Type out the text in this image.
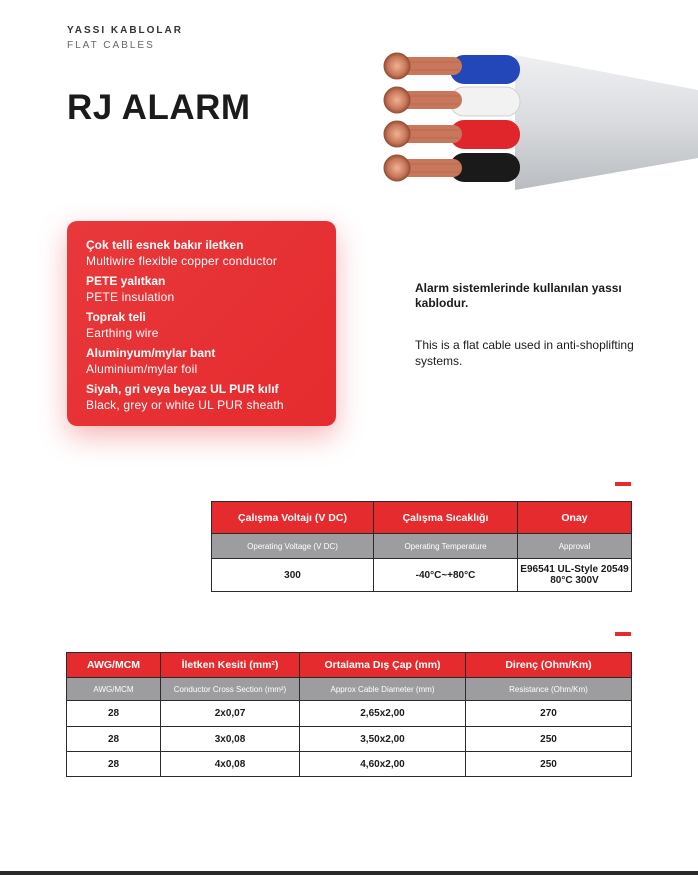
YASSI KABLOLAR
FLAT CABLES
RJ ALARM
Çok telli esnek bakır iletken
Multiwire flexible copper conductor
PETE yalıtkan
PETE insulation
Toprak teli
Earthing wire
Aluminyum/mylar bant
Aluminium/mylar foil
Siyah, gri veya beyaz UL PUR kılıf
Black, grey or white UL PUR sheath
Alarm sistemlerinde kullanılan yassı kablodur.
This is a flat cable used in anti-shoplifting systems.
Çalışma Voltajı (V DC)	Çalışma Sıcaklığı	Onay
Operating Voltage (V DC)	Operating Temperature	Approval
300	-40°C~+80°C	E96541 UL-Style 20549
80°C 300V
AWG/MCM	İletken Kesiti (mm²)	Ortalama Dış Çap (mm)	Direnç (Ohm/Km)
AWG/MCM	Conductor Cross Section (mm²)	Approx Cable Diameter (mm)	Resistance (Ohm/Km)
28	2x0,07	2,65x2,00	270
28	3x0,08	3,50x2,00	250
28	4x0,08	4,60x2,00	250
